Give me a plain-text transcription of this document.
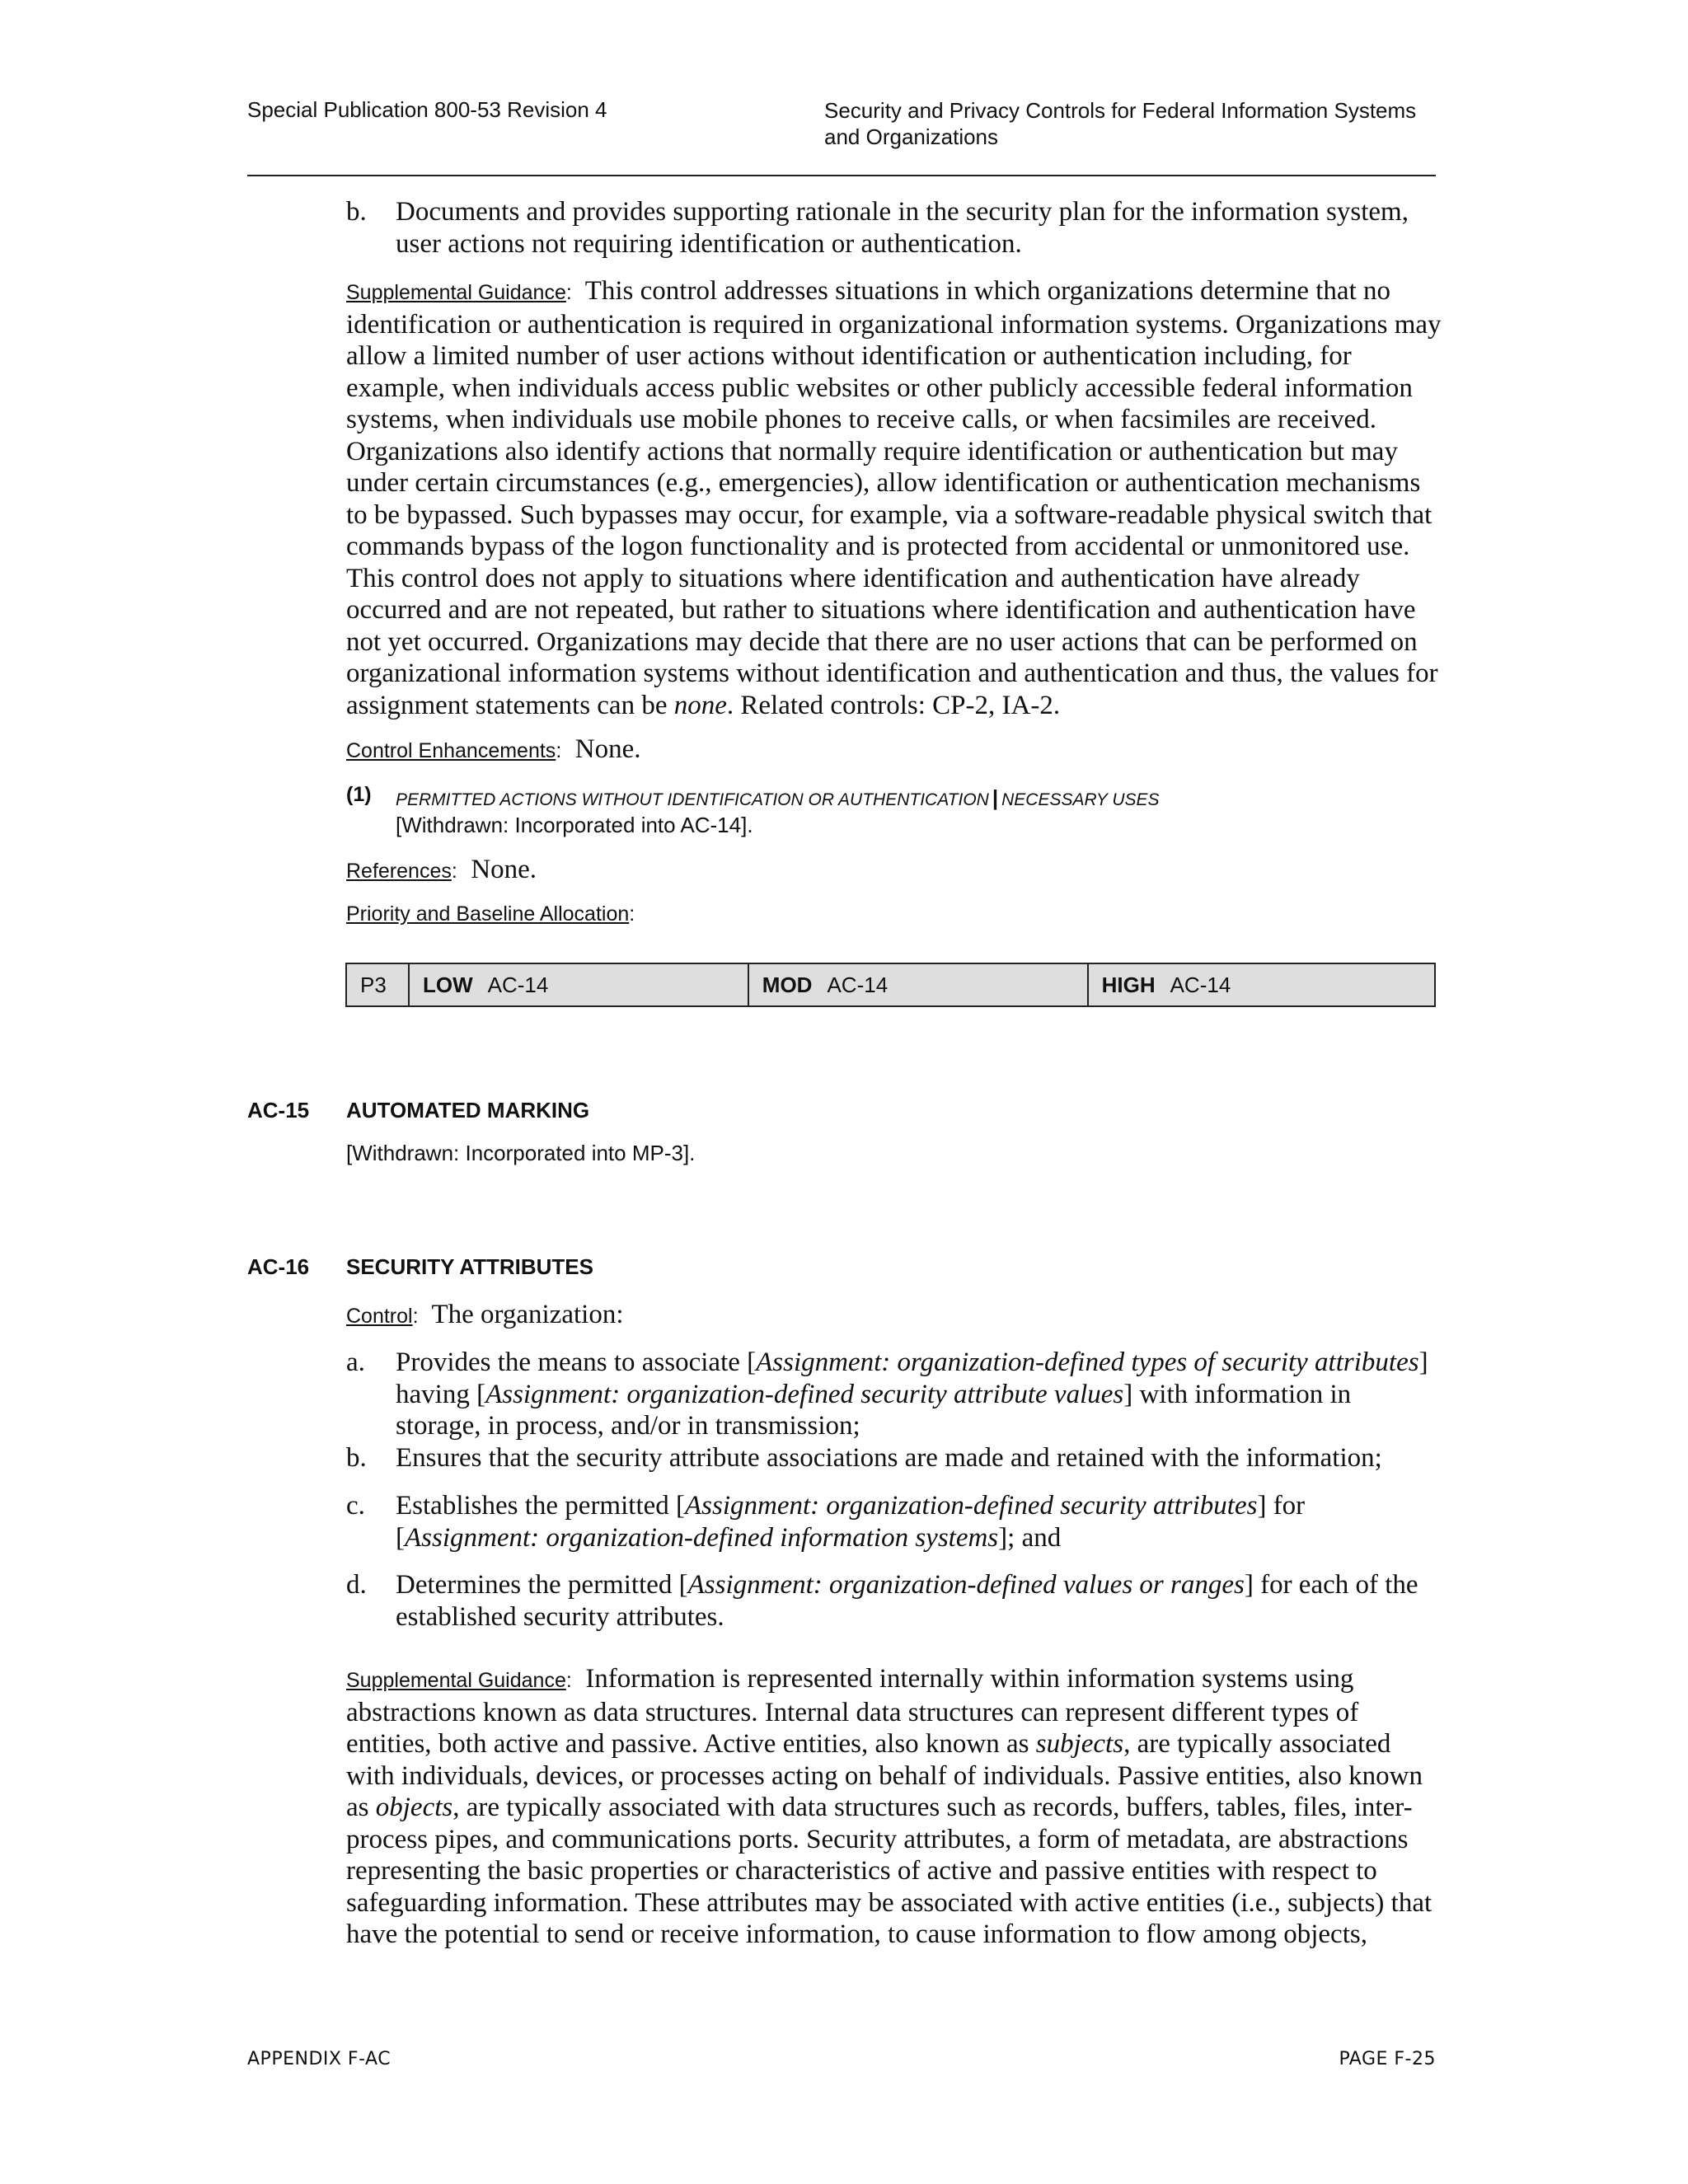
Special Publication 800-53 Revision 4	Security and Privacy Controls for Federal Information Systems and Organizations
b. Documents and provides supporting rationale in the security plan for the information system, user actions not requiring identification or authentication.
Supplemental Guidance: This control addresses situations in which organizations determine that no identification or authentication is required in organizational information systems. Organizations may allow a limited number of user actions without identification or authentication including, for example, when individuals access public websites or other publicly accessible federal information systems, when individuals use mobile phones to receive calls, or when facsimiles are received. Organizations also identify actions that normally require identification or authentication but may under certain circumstances (e.g., emergencies), allow identification or authentication mechanisms to be bypassed. Such bypasses may occur, for example, via a software-readable physical switch that commands bypass of the logon functionality and is protected from accidental or unmonitored use. This control does not apply to situations where identification and authentication have already occurred and are not repeated, but rather to situations where identification and authentication have not yet occurred. Organizations may decide that there are no user actions that can be performed on organizational information systems without identification and authentication and thus, the values for assignment statements can be none. Related controls: CP-2, IA-2.
Control Enhancements: None.
(1) PERMITTED ACTIONS WITHOUT IDENTIFICATION OR AUTHENTICATION | NECESSARY USES
[Withdrawn: Incorporated into AC-14].
References: None.
Priority and Baseline Allocation:
P3	LOW AC-14	MOD AC-14	HIGH AC-14
AC-15 AUTOMATED MARKING
[Withdrawn: Incorporated into MP-3].
AC-16 SECURITY ATTRIBUTES
Control: The organization:
a. Provides the means to associate [Assignment: organization-defined types of security attributes] having [Assignment: organization-defined security attribute values] with information in storage, in process, and/or in transmission;
b. Ensures that the security attribute associations are made and retained with the information;
c. Establishes the permitted [Assignment: organization-defined security attributes] for [Assignment: organization-defined information systems]; and
d. Determines the permitted [Assignment: organization-defined values or ranges] for each of the established security attributes.
Supplemental Guidance: Information is represented internally within information systems using abstractions known as data structures. Internal data structures can represent different types of entities, both active and passive. Active entities, also known as subjects, are typically associated with individuals, devices, or processes acting on behalf of individuals. Passive entities, also known as objects, are typically associated with data structures such as records, buffers, tables, files, inter-process pipes, and communications ports. Security attributes, a form of metadata, are abstractions representing the basic properties or characteristics of active and passive entities with respect to safeguarding information. These attributes may be associated with active entities (i.e., subjects) that have the potential to send or receive information, to cause information to flow among objects,
APPENDIX F-AC	PAGE F-25
